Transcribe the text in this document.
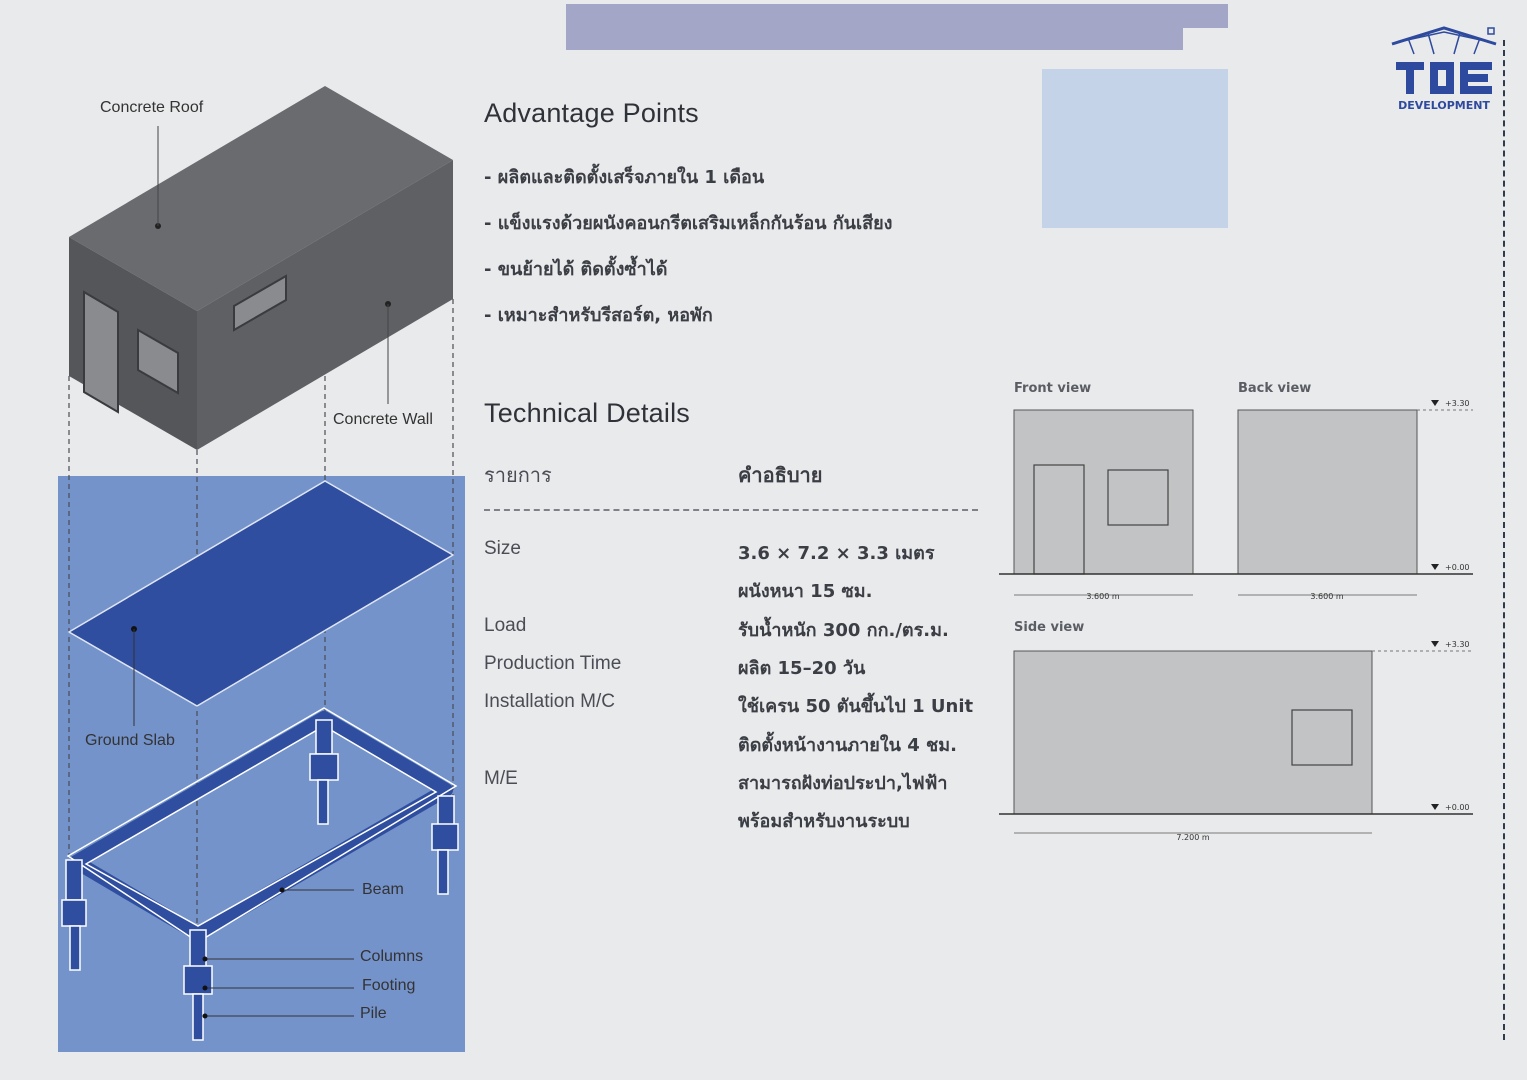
DEVELOPMENT
Concrete Roof
Concrete Wall
Ground Slab
Beam
Columns
Footing
Pile
Advantage Points
- ผลิตและติดตั้งเสร็จภายใน 1 เดือน
- แข็งแรงด้วยผนังคอนกรีตเสริมเหล็กกันร้อน กันเสียง
- ขนย้ายได้ ติดตั้งซ้ำได้
- เหมาะสำหรับรีสอร์ต, หอพัก
Technical Details
รายการ	คำอธิบาย
Size	3.6 × 7.2 × 3.3 เมตร
ผนังหนา 15 ซม.
Load	รับน้ำหนัก 300 กก./ตร.ม.
Production Time	ผลิต 15–20 วัน
Installation M/C	ใช้เครน 50 ตันขึ้นไป 1 Unit
ติดตั้งหน้างานภายใน 4 ชม.
M/E	สามารถฝังท่อประปา,ไฟฟ้า
พร้อมสำหรับงานระบบ
Front view	Back view
Side view
+3.30
+0.00
3.600 m	3.600 m
+3.30
+0.00
7.200 m
